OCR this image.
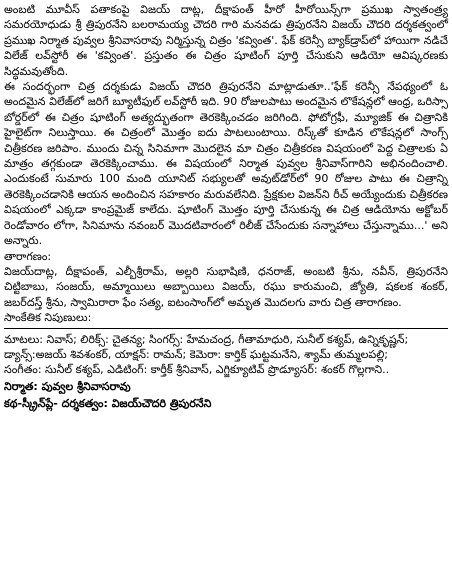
అంబటి మూవీస్ పతాకంపై విజయ్ దాట్ల, దీక్షాపంత్ హీరో హీరోయిన్స్‌గా ప్రముఖ స్వాతంత్ర్య సమరయోధుడు శ్రీ త్రిపురనేని బలరామయ్య చౌదరి గారి మనవడు త్రిపురనేని విజయ్ చౌదరి దర్శకత్వంలో ప్రముఖ నిర్మాత పువ్వల శ్రీనివాసరావు నిర్మిస్తున్న చిత్రం 'కవ్వింత'. ఫేక్ కరెన్సీ బ్యాక్‌డ్రాప్‌లో హాయిగా నడిచే విలేజ్ లవ్‌స్టోరీ ఈ 'కవ్వింత'. ప్రస్తుతం ఈ చిత్రం షూటింగ్ పూర్తి చేసుకుని ఆడియో ఆవిష్కరణకు సిద్ధమవుతోంది.

ఈ సందర్భంగా చిత్ర దర్శకుడు విజయ్ చౌదరి త్రిపురనేని మాట్లాడుతూ..'ఫేక్ కరెన్సీ నేపథ్యంలో ఓ అందమైన విలేజ్‌లో జరిగే బ్యూటీఫుల్ లవ్‌స్టోరీ ఇది. 90 రోజులపాటు అందమైన లొకేషన్లలో ఆంధ్ర, ఒరిస్సా బోర్డర్‌లో ఈ చిత్రం షూటింగ్ అత్యద్భుతంగా తెరకెక్కించడం జరిగింది. ఫోటోగ్రఫీ, మ్యూజిక్ ఈ చిత్రానికి హైలైట్‌గా నిలుస్తాయి. ఈ చిత్రంలో మొత్తం ఐదు పాటలుంటాయి. రిస్క్‌తో కూడిన లొకేషన్లలో సాంగ్స్ చిత్రీకరణ జరిపాం. ముందు చిన్న సినిమాగా మొదలైన మా చిత్రం చిత్రీకరణ విషయంలో పెద్ద చిత్రాలకు ఏ మాత్రం తగ్గకుండా తెరకెక్కించాము. ఈ విషయంలో నిర్మాత పువ్వల శ్రీనివాస్‌గారిని అభినందించాలి. ఎందుకంటే సుమారు 100 మంది యూనిట్ సభ్యులతో అవుట్‌డోర్‌లో 90 రోజుల పాటు ఈ చిత్రాన్ని తెరకెక్కించడానికి ఆయన అందించిన సహకారం మరువలేనిది. ప్రేక్షకుల విజన్‌ని రీచ్ అయ్యేందుకు చిత్రీకరణ విషయంలో ఎక్కడా కాంప్రమైజ్ కాలేదు. షూటింగ్ మొత్తం పూర్తి చేసుకున్న ఈ చిత్ర ఆడియోను అక్టోబర్ రెండోవారం లోగా, సినిమాను నవంబర్ మొదటివారంలో రిలీజ్ చేసేందుకు సన్నాహాలు చేస్తున్నాము...' అని అన్నారు.

తారాగణం:

విజయ్‌దాట్ల, దీక్షాపంత్, ఎల్బీశ్రీరామ్, అల్లరి సుభాషిణి, ధనరాజ్, అంబటి శ్రీను, నవీన్, త్రిపురనేని చిట్టిబాబు, సంజయ్, అమ్మాయిలు అబ్బాయిలు విజయ్, రఘు కారుమంచి, జ్యోతి, షకలక శంకర్, జబర్‌దస్త్ శ్రీను, స్వామిరారా ఫేం సత్య, ఐటంసాంగ్‌లో అమృత మొదలగు వారు చిత్ర తారాగణం.

సాంకేతిక నిపుణులు:

మాటలు: నివాస్; లిరిక్స్: చైతన్య; సింగర్స్: హేమచంద్ర, గీతామాధురి, సునీల్ కశ్యప్, ఉన్నికృష్ణన్;
డ్యాన్స్:అజయ్ శివశంకర్, యాక్షన్: రామన్; కెమెరా: కార్తిక్ ఘట్టమనేని, శ్యామ్ తుమ్మలపల్లి;
సంగీతం: సునీల్ కశ్యప్, ఎడిటింగ్: కార్తీక్ శ్రీనివాస్, ఎగ్జిక్యూటివ్ ప్రొడ్యూసర్: శంకర్ గొల్లగాని..

నిర్మాత: పువ్వల శ్రీనివాసరావు

కథ-స్క్రీన్‌ప్లే- దర్శకత్వం: విజయ్‌చౌదరి త్రిపురనేని
